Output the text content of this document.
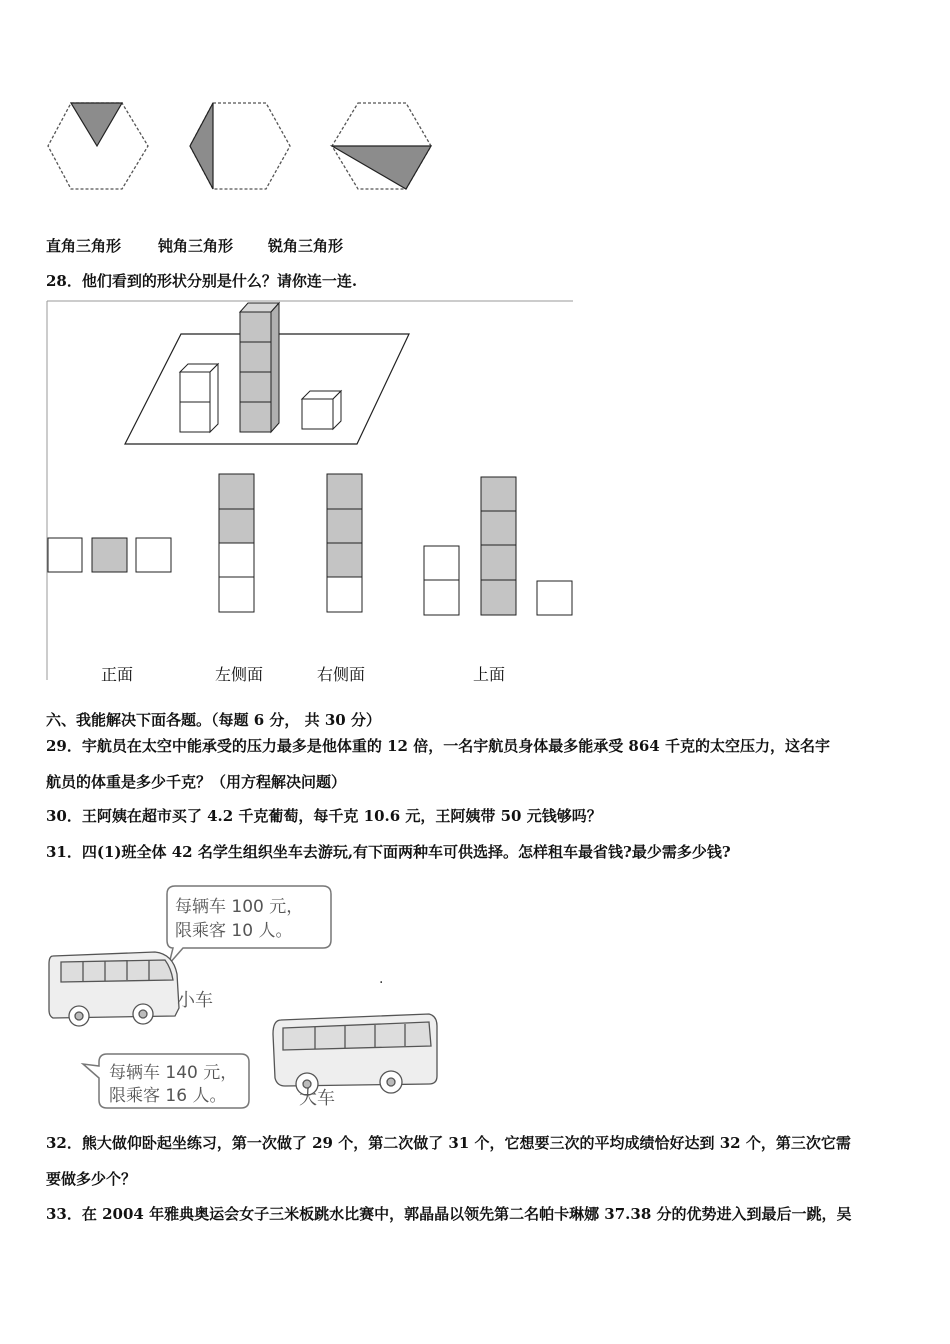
直角三角形 钝角三角形 锐角三角形
28．他们看到的形状分别是什么？请你连一连.
正面	左侧面	右侧面	上面
六、我能解决下面各题。（每题 6 分， 共 30 分）
29．宇航员在太空中能承受的压力最多是他体重的 12 倍，一名宇航员身体最多能承受 864 千克的太空压力，这名宇
航员的体重是多少千克？（用方程解决问题）
30．王阿姨在超市买了 4.2 千克葡萄，每千克 10.6 元，王阿姨带 50 元钱够吗？
31．四(1)班全体 42 名学生组织坐车去游玩,有下面两种车可供选择。怎样租车最省钱?最少需多少钱?
每辆车 100 元，
限乘客 10 人。
小车
·
每辆车 140 元，
限乘客 16 人。	大车
32．熊大做仰卧起坐练习，第一次做了 29 个，第二次做了 31 个，它想要三次的平均成绩恰好达到 32 个，第三次它需
要做多少个？
33．在 2004 年雅典奥运会女子三米板跳水比赛中，郭晶晶以领先第二名帕卡琳娜 37.38 分的优势进入到最后一跳，吴
